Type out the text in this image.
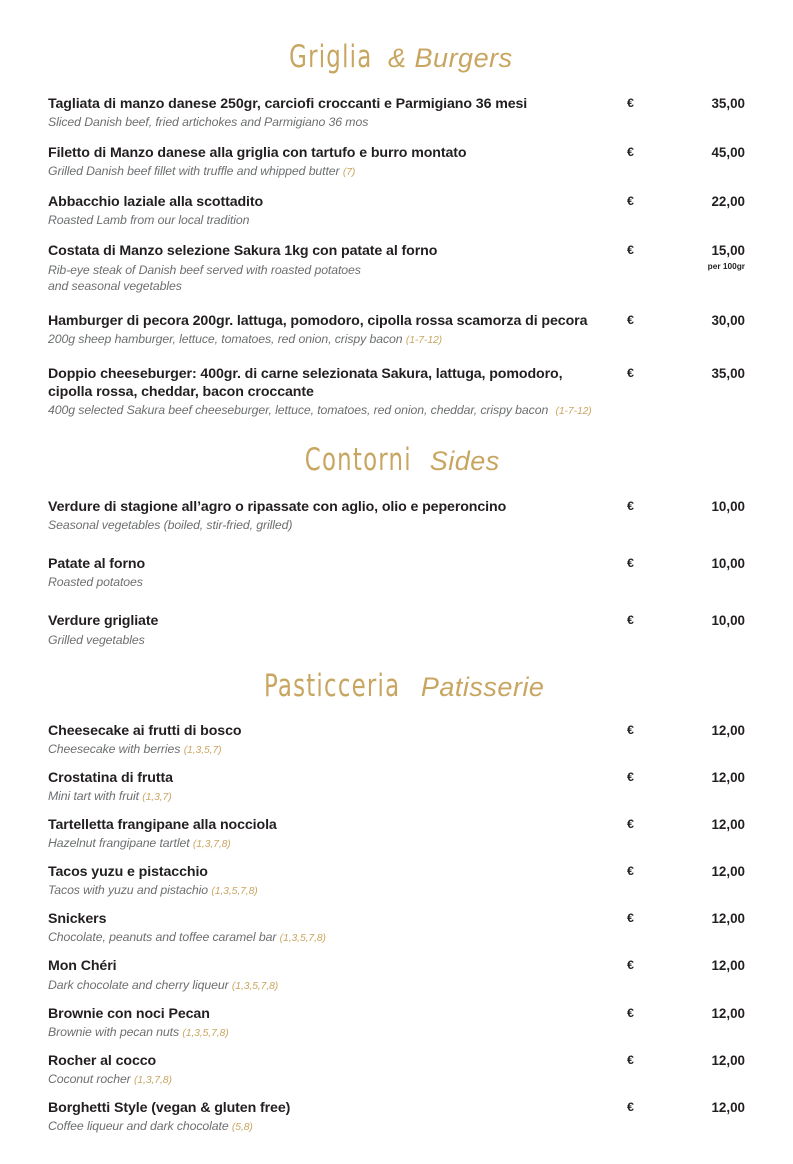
Griglia & Burgers
Tagliata di manzo danese 250gr, carciofi croccanti e Parmigiano 36 mesi
Sliced Danish beef, fried artichokes and Parmigiano 36 mos
€	35,00
Filetto di Manzo danese alla griglia con tartufo e burro montato
Grilled Danish beef fillet with truffle and whipped butter (7)
€	45,00
Abbacchio laziale alla scottadito
Roasted Lamb from our local tradition
€	22,00
Costata di Manzo selezione Sakura 1kg con patate al forno
Rib-eye steak of Danish beef served with roasted potatoes and seasonal vegetables
€	15,00
per 100gr
Hamburger di pecora 200gr. lattuga, pomodoro, cipolla rossa scamorza di pecora
200g sheep hamburger, lettuce, tomatoes, red onion, crispy bacon (1-7-12)
€	30,00
Doppio cheeseburger: 400gr. di carne selezionata Sakura, lattuga, pomodoro, cipolla rossa, cheddar, bacon croccante
400g selected Sakura beef cheeseburger, lettuce, tomatoes, red onion, cheddar, crispy bacon (1-7-12)
€	35,00
Contorni Sides
Verdure di stagione all’agro o ripassate con aglio, olio e peperoncino
Seasonal vegetables (boiled, stir-fried, grilled)
€	10,00
Patate al forno
Roasted potatoes
€	10,00
Verdure grigliate
Grilled vegetables
€	10,00
Pasticceria Patisserie
Cheesecake ai frutti di bosco
Cheesecake with berries (1,3,5,7)
€	12,00
Crostatina di frutta
Mini tart with fruit (1,3,7)
€	12,00
Tartelletta frangipane alla nocciola
Hazelnut frangipane tartlet (1,3,7,8)
€	12,00
Tacos yuzu e pistacchio
Tacos with yuzu and pistachio (1,3,5,7,8)
€	12,00
Snickers
Chocolate, peanuts and toffee caramel bar (1,3,5,7,8)
€	12,00
Mon Chéri
Dark chocolate and cherry liqueur (1,3,5,7,8)
€	12,00
Brownie con noci Pecan
Brownie with pecan nuts (1,3,5,7,8)
€	12,00
Rocher al cocco
Coconut rocher (1,3,7,8)
€	12,00
Borghetti Style (vegan & gluten free)
Coffee liqueur and dark chocolate (5,8)
€	12,00
